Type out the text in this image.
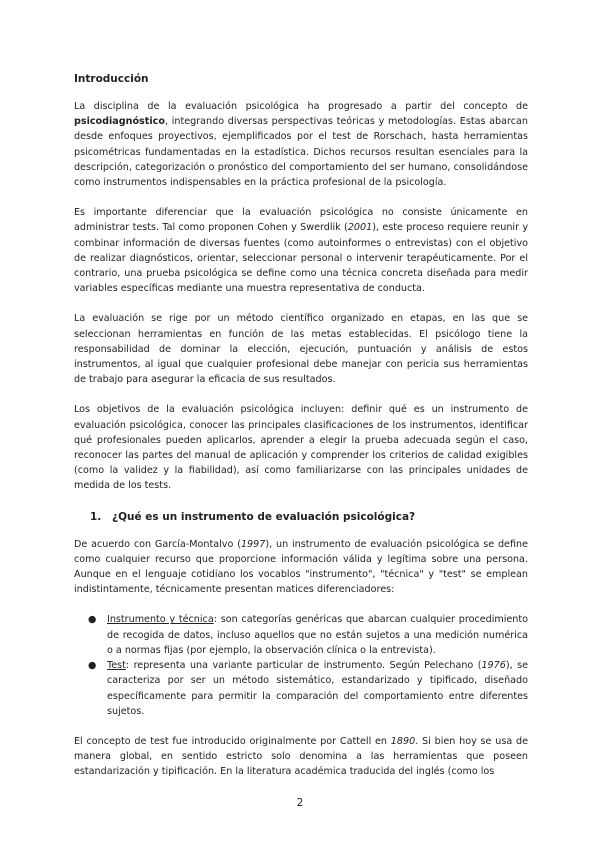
Introducción

La disciplina de la evaluación psicológica ha progresado a partir del concepto de psicodiagnóstico, integrando diversas perspectivas teóricas y metodologías. Estas abarcan desde enfoques proyectivos, ejemplificados por el test de Rorschach, hasta herramientas psicométricas fundamentadas en la estadística. Dichos recursos resultan esenciales para la descripción, categorización o pronóstico del comportamiento del ser humano, consolidándose como instrumentos indispensables en la práctica profesional de la psicología.

Es importante diferenciar que la evaluación psicológica no consiste únicamente en administrar tests. Tal como proponen Cohen y Swerdlik (2001), este proceso requiere reunir y combinar información de diversas fuentes (como autoinformes o entrevistas) con el objetivo de realizar diagnósticos, orientar, seleccionar personal o intervenir terapéuticamente. Por el contrario, una prueba psicológica se define como una técnica concreta diseñada para medir variables específicas mediante una muestra representativa de conducta.

La evaluación se rige por un método científico organizado en etapas, en las que se seleccionan herramientas en función de las metas establecidas. El psicólogo tiene la responsabilidad de dominar la elección, ejecución, puntuación y análisis de estos instrumentos, al igual que cualquier profesional debe manejar con pericia sus herramientas de trabajo para asegurar la eficacia de sus resultados.

Los objetivos de la evaluación psicológica incluyen: definir qué es un instrumento de evaluación psicológica, conocer las principales clasificaciones de los instrumentos, identificar qué profesionales pueden aplicarlos, aprender a elegir la prueba adecuada según el caso, reconocer las partes del manual de aplicación y comprender los criterios de calidad exigibles (como la validez y la fiabilidad), así como familiarizarse con las principales unidades de medida de los tests.

1. ¿Qué es un instrumento de evaluación psicológica?

De acuerdo con García-Montalvo (1997), un instrumento de evaluación psicológica se define como cualquier recurso que proporcione información válida y legítima sobre una persona. Aunque en el lenguaje cotidiano los vocablos "instrumento", "técnica" y "test" se emplean indistintamente, técnicamente presentan matices diferenciadores:

● Instrumento y técnica: son categorías genéricas que abarcan cualquier procedimiento de recogida de datos, incluso aquellos que no están sujetos a una medición numérica o a normas fijas (por ejemplo, la observación clínica o la entrevista).
● Test: representa una variante particular de instrumento. Según Pelechano (1976), se caracteriza por ser un método sistemático, estandarizado y tipificado, diseñado específicamente para permitir la comparación del comportamiento entre diferentes sujetos.

El concepto de test fue introducido originalmente por Cattell en 1890. Si bien hoy se usa de manera global, en sentido estricto solo denomina a las herramientas que poseen estandarización y tipificación. En la literatura académica traducida del inglés (como los

2
